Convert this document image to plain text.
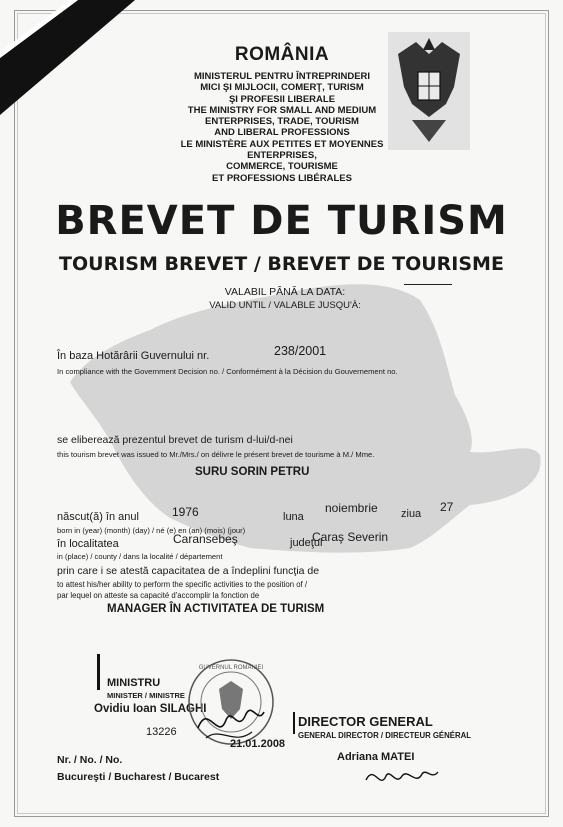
ROMÂNIA
MINISTERUL PENTRU ÎNTREPRINDERI
MICI ŞI MIJLOCII, COMERŢ, TURISM
ŞI PROFESII LIBERALE
THE MINISTRY FOR SMALL AND MEDIUM
ENTERPRISES, TRADE, TOURISM
AND LIBERAL PROFESSIONS
LE MINISTÈRE AUX PETITES ET MOYENNES
ENTERPRISES,
COMMERCE, TOURISME
ET PROFESSIONS LIBÉRALES
BREVET DE TURISM
TOURISM BREVET / BREVET DE TOURISME
VALABIL PÂNĂ LA DATA:
VALID UNTIL / VALABLE JUSQU'À:
În baza Hotărârii Guvernului nr.	238/2001
In compliance with the Government Decision no. / Conformément à la Décision du Gouvernement no.
se eliberează prezentul brevet de turism d-lui/d-nei
this tourism brevet was issued to Mr./Mrs./ on délivre le présent brevet de tourisme à M./ Mme.
SURU SORIN PETRU
născut(ă) în anul	1976	luna
noiembrie ziua 27
born in (year) (month) (day) / né (e) en (an) (mois) (jour)
în localitatea	Caransebeş	judeţul
Caraş Severin
in (place) / county / dans la localité / département
prin care i se atestă capacitatea de a îndeplini funcţia de
to attest his/her ability to perform the specific activities to the position of /
par lequel on atteste sa capacité d'accomplir la fonction de
MANAGER ÎN ACTIVITATEA DE TURISM
MINISTRU
MINISTER / MINISTRE
Ovidiu Ioan SILAGHI
GUVERNUL ROMÂNIEI
13226
21.01.2008
Nr. / No. / No.
DIRECTOR GENERAL
GENERAL DIRECTOR / DIRECTEUR GÉNÉRAL
Adriana MATEI
Bucureşti / Bucharest / Bucarest
